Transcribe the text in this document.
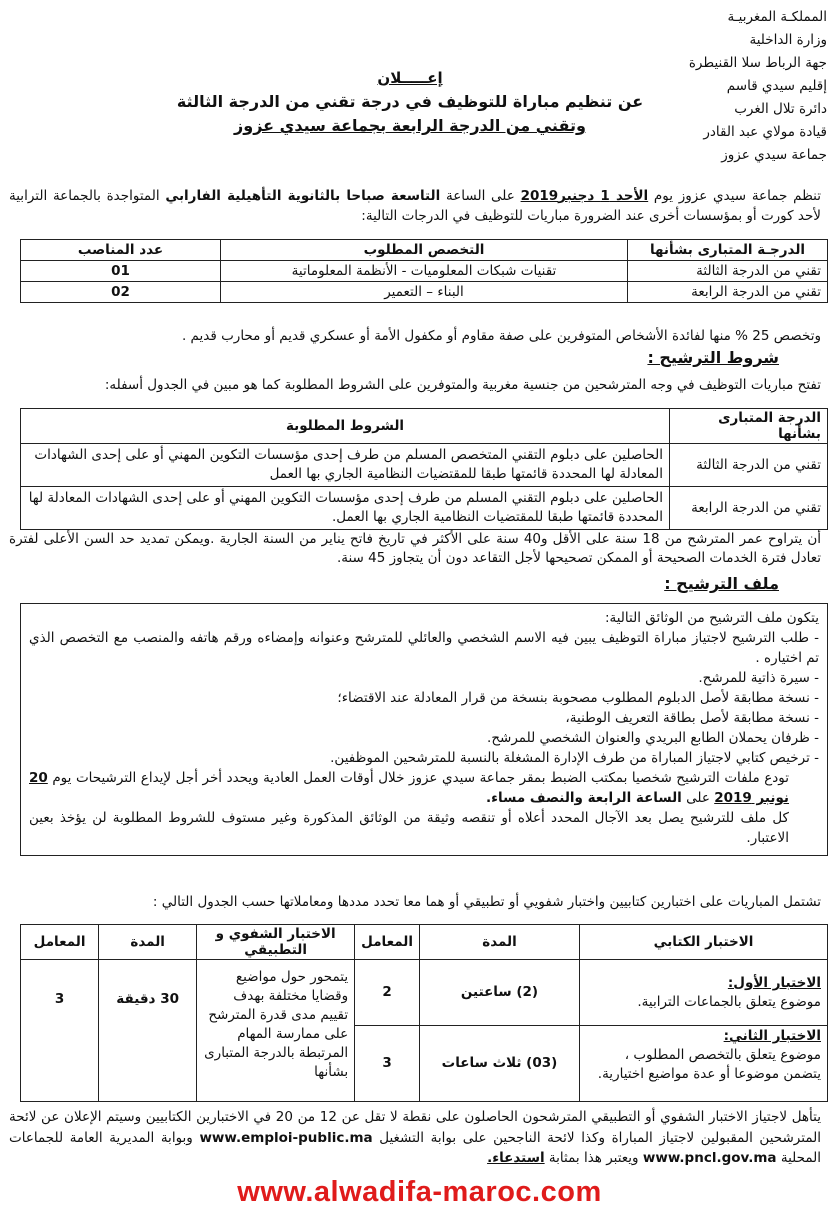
المملكـة المغربيـة
وزارة الداخلية
جهة الرباط سلا القنيطرة
إقليم سيدي قاسم
دائرة تلال الغرب
قيادة مولاي عبد القادر
جماعة سيدي عزوز
إعـــــلان
عن تنظيم مباراة للتوظيف في درجة تقني من الدرجة الثالثة
وتقني من الدرجة الرابعة بجماعة سيدي عزوز
تنظم جماعة سيدي عزوز يوم الأحد 1 دجنبر2019 على الساعة التاسعة صباحا بالثانوية التأهيلية الفارابي المتواجدة بالجماعة الترابية لأحد كورت أو بمؤسسات أخرى عند الضرورة مباريات للتوظيف في الدرجات التالية:
الدرجـة المتبارى بشأنها	التخصص المطلوب	عدد المناصب
تقني من الدرجة الثالثة	تقنيات شبكات المعلوميات - الأنظمة المعلوماتية	01
تقني من الدرجة الرابعة	البناء – التعمير	02
وتخصص 25 % منها لفائدة الأشخاص المتوفرين على صفة مقاوم أو مكفول الأمة أو عسكري قديم أو محارب قديم .
شروط الترشيح :
تفتح مباريات التوظيف في وجه المترشحين من جنسية مغربية والمتوفرين على الشروط المطلوبة كما هو مبين في الجدول أسفله:
الدرجة المتبارى بشأنها	الشروط المطلوبة
تقني من الدرجة الثالثة	الحاصلين على دبلوم التقني المتخصص المسلم من طرف إحدى مؤسسات التكوين المهني أو على إحدى الشهادات المعادلة لها المحددة قائمتها طبقا للمقتضيات النظامية الجاري بها العمل
تقني من الدرجة الرابعة	الحاصلين على دبلوم التقني المسلم من طرف إحدى مؤسسات التكوين المهني أو على إحدى الشهادات المعادلة لها المحددة قائمتها طبقا للمقتضيات النظامية الجاري بها العمل.
أن يتراوح عمر المترشح من 18 سنة على الأقل و40 سنة على الأكثر في تاريخ فاتح يناير من السنة الجارية .ويمكن تمديد حد السن الأعلى لفترة تعادل فترة الخدمات الصحيحة أو الممكن تصحيحها لأجل التقاعد دون أن يتجاوز 45 سنة.
ملف الترشيح :
يتكون ملف الترشيح من الوثائق التالية:
- طلب الترشيح لاجتياز مباراة التوظيف يبين فيه الاسم الشخصي والعائلي للمترشح وعنوانه وإمضاءه ورقم هاتفه والمنصب مع التخصص الذي تم اختياره .
- سيرة ذاتية للمرشح.
- نسخة مطابقة لأصل الدبلوم المطلوب مصحوبة بنسخة من قرار المعادلة عند الاقتضاء؛
- نسخة مطابقة لأصل بطاقة التعريف الوطنية،
- ظرفان يحملان الطابع البريدي والعنوان الشخصي للمرشح.
- ترخيص كتابي لاجتياز المباراة من طرف الإدارة المشغلة بالنسبة للمترشحين الموظفين.
تودع ملفات الترشيح شخصيا بمكتب الضبط بمقر جماعة سيدي عزوز خلال أوقات العمل العادية ويحدد أخر أجل لإيداع الترشيحات يوم 20 نونبر 2019 على الساعة الرابعة والنصف مساء.
كل ملف للترشيح يصل بعد الآجال المحدد أعلاه أو تنقصه وثيقة من الوثائق المذكورة وغير مستوف للشروط المطلوبة لن يؤخذ بعين الاعتبار.
تشتمل المباريات على اختبارين كتابيين واختبار شفويي أو تطبيقي أو هما معا تحدد مددها ومعاملاتها حسب الجدول التالي :
الاختبار الكتابي	المدة	المعامل	الاختبار الشفوي و التطبيقي	المدة	المعامل

الاختبار الأول:
موضوع يتعلق بالجماعات الترابية.	(2) ساعتين	2	يتمحور حول مواضيع وقضايا مختلفة بهدف تقييم مدى قدرة المترشح على ممارسة المهام المرتبطة بالدرجة المتبارى بشأنها	30 دقيقة	3

الاختبار الثاني:
موضوع يتعلق بالتخصص المطلوب ، يتضمن موضوعا أو عدة مواضيع اختيارية.	(03) ثلاث ساعات	3			
يتأهل لاجتياز الاختبار الشفوي أو التطبيقي المترشحون الحاصلون على نقطة لا تقل عن 12 من 20 في الاختبارين الكتابيين وسيتم الإعلان عن لائحة المترشحين المقبولين لاجتياز المباراة وكذا لائحة الناجحين على بوابة التشغيل www.emploi-public.ma وبوابة المديرية العامة للجماعات المحلية www.pncl.gov.ma ويعتبر هذا بمثابة استدعاء.
www.alwadifa-maroc.com
